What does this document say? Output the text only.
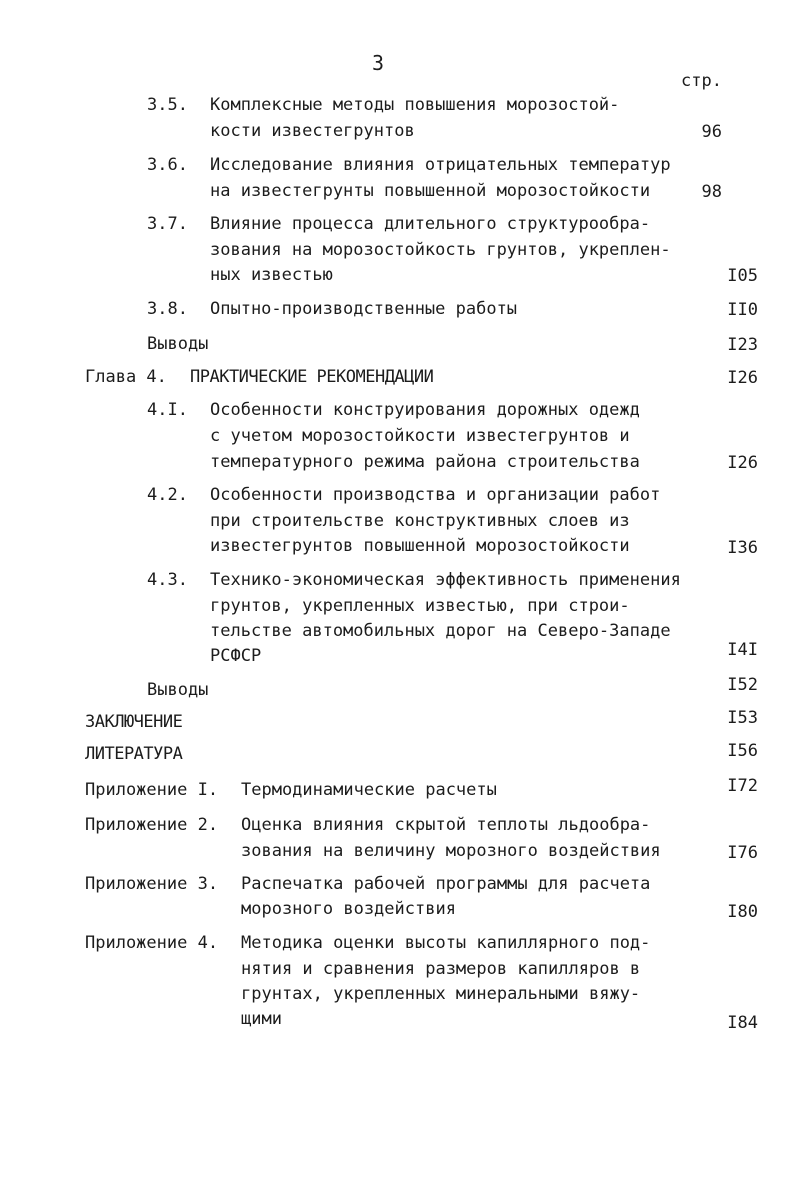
3
стр.
3.5. Комплексные методы повышения морозостой-
кости известегрунтов	96
3.6. Исследование влияния отрицательных температур
на известегрунты повышенной морозостойкости	98
3.7. Влияние процесса длительного структурообра-
зования на морозостойкость грунтов, укреплен-
ных известью	I05
3.8. Опытно-производственные работы	II0
Выводы	I23
Глава 4. ПРАКТИЧЕСКИЕ РЕКОМЕНДАЦИИ	I26
4.I. Особенности конструирования дорожных одежд
с учетом морозостойкости известегрунтов и
температурного режима района строительства	I26
4.2. Особенности производства и организации работ
при строительстве конструктивных слоев из
известегрунтов повышенной морозостойкости	I36
4.3. Технико-экономическая эффективность применения
грунтов, укрепленных известью, при строи-
тельстве автомобильных дорог на Северо-Западе
РСФСР	I4I
Выводы	I52
ЗАКЛЮЧЕНИЕ	I53
ЛИТЕРАТУРА	I56
Приложение I. Термодинамические расчеты	I72
Приложение 2. Оценка влияния скрытой теплоты льдообра-
зования на величину морозного воздействия	I76
Приложение 3. Распечатка рабочей программы для расчета
морозного воздействия	I80
Приложение 4. Методика оценки высоты капиллярного под-
нятия и сравнения размеров капилляров в
грунтах, укрепленных минеральными вяжу-
щими	I84
